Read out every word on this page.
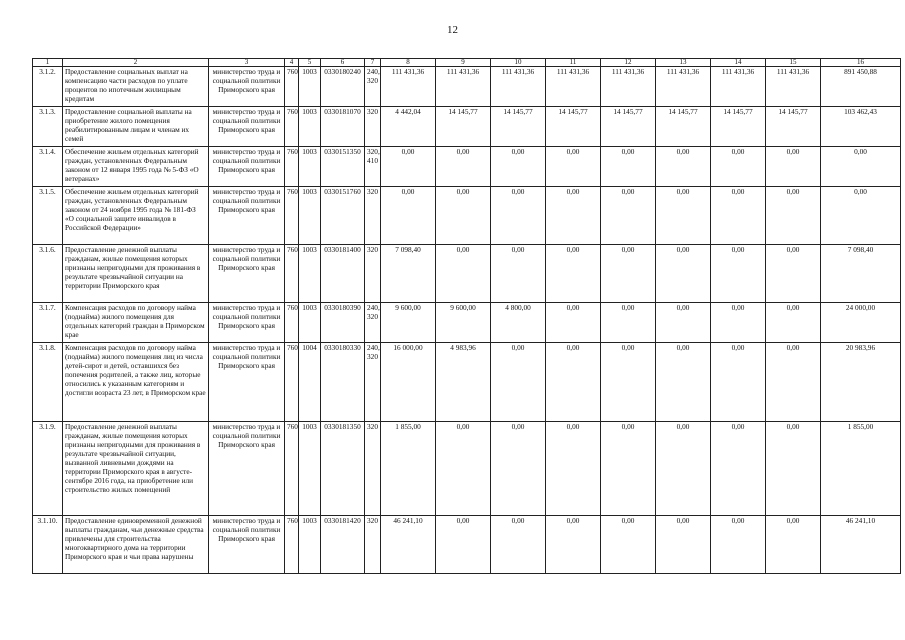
12
1	2	3	4	5	6	7	8	9	10	11	12	13	14	15	16
3.1.2.	Предоставление социальных выплат на компенсацию части расходов по уплате процентов по ипотечным жилищным кредитам	министерство труда и социальной политики Приморского края	760	1003	0330180240	240, 320	111 431,36	111 431,36	111 431,36	111 431,36	111 431,36	111 431,36	111 431,36	111 431,36	891 450,88
3.1.3.	Предоставление социальной выплаты на приобретение жилого помещения реабилитированным лицам и членам их семей	министерство труда и социальной политики Приморского края	760	1003	0330181070	320	4 442,04	14 145,77	14 145,77	14 145,77	14 145,77	14 145,77	14 145,77	14 145,77	103 462,43
3.1.4.	Обеспечение жильем отдельных категорий граждан, установленных Федеральным законом от 12 января 1995 года № 5-ФЗ «О ветеранах»	министерство труда и социальной политики Приморского края	760	1003	0330151350	320, 410	0,00	0,00	0,00	0,00	0,00	0,00	0,00	0,00	0,00
3.1.5.	Обеспечение жильем отдельных категорий граждан, установленных Федеральным законом от 24 ноября 1995 года № 181-ФЗ «О социальной защите инвалидов в Российской Федерации»	министерство труда и социальной политики Приморского края	760	1003	0330151760	320	0,00	0,00	0,00	0,00	0,00	0,00	0,00	0,00	0,00
3.1.6.	Предоставление денежной выплаты гражданам, жилые помещения которых признаны непригодными для проживания в результате чрезвычайной ситуации на территории Приморского края	министерство труда и социальной политики Приморского края	760	1003	0330181400	320	7 098,40	0,00	0,00	0,00	0,00	0,00	0,00	0,00	7 098,40
3.1.7.	Компенсация расходов по договору найма (поднайма) жилого помещения для отдельных категорий граждан в Приморском крае	министерство труда и социальной политики Приморского края	760	1003	0330180390	240, 320	9 600,00	9 600,00	4 800,00	0,00	0,00	0,00	0,00	0,00	24 000,00
3.1.8.	Компенсация расходов по договору найма (поднайма) жилого помещения лиц из числа детей-сирот и детей, оставшихся без попечения родителей, а также лиц, которые относились к указанным категориям и достигли возраста 23 лет, в Приморском крае	министерство труда и социальной политики Приморского края	760	1004	0330180330	240, 320	16 000,00	4 983,96	0,00	0,00	0,00	0,00	0,00	0,00	20 983,96
3.1.9.	Предоставление денежной выплаты гражданам, жилые помещения которых признаны непригодными для проживания в результате чрезвычайной ситуации, вызванной ливневыми дождями на территории Приморского края в августе-сентябре 2016 года, на приобретение или строительство жилых помещений	министерство труда и социальной политики Приморского края	760	1003	0330181350	320	1 855,00	0,00	0,00	0,00	0,00	0,00	0,00	0,00	1 855,00
3.1.10.	Предоставление единовременной денежной выплаты гражданам, чьи денежные средства привлечены для строительства многоквартирного дома на территории Приморского края и чьи права нарушены	министерство труда и социальной политики Приморского края	760	1003	0330181420	320	46 241,10	0,00	0,00	0,00	0,00	0,00	0,00	0,00	46 241,10
